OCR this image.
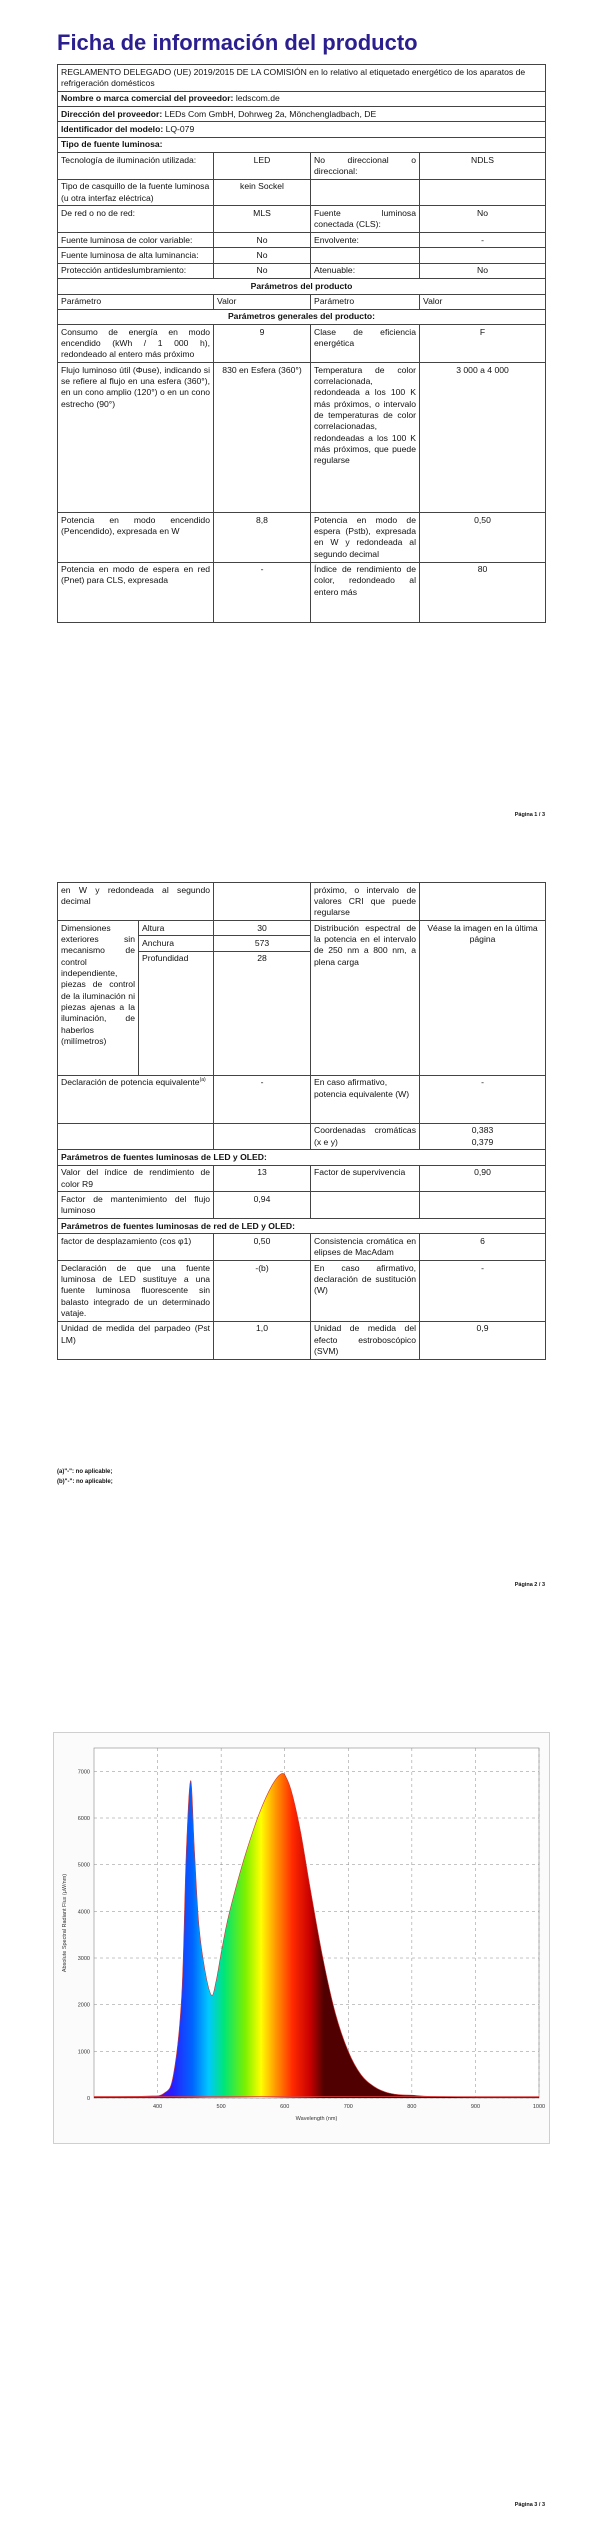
Ficha de información del producto
REGLAMENTO DELEGADO (UE) 2019/2015 DE LA COMISIÓN en lo relativo al etiquetado energético de los aparatos de refrigeración domésticos			
Nombre o marca comercial del proveedor: ledscom.de			
Dirección del proveedor: LEDs Com GmbH, Dohrweg 2a, Mönchengladbach, DE			
Identificador del modelo: LQ-079			
Tipo de fuente luminosa:			
Tecnología de iluminación utilizada:	LED	No direccional o direccional:	NDLS
Tipo de casquillo de la fuente luminosa
(u otra interfaz eléctrica)	kein Sockel		
De red o no de red:	MLS	Fuente luminosa conectada (CLS):	No
Fuente luminosa de color variable:	No	Envolvente:	-
Fuente luminosa de alta luminancia:	No		
Protección antideslumbramiento:	No	Atenuable:	No
Parámetros del producto			
Parámetro	Valor	Parámetro	Valor
Parámetros generales del producto:			
Consumo de energía en modo encendido (kWh / 1 000 h), redondeado al entero más próximo	9	Clase de eficiencia energética	F
Flujo luminoso útil (Φuse), indicando si se refiere al flujo en una esfera (360°), en un cono amplio (120°) o en un cono estrecho (90°)	830 en Esfera (360°)	Temperatura de color correlacionada, redondeada a los 100 K más próximos, o intervalo de temperaturas de color correlacionadas, redondeadas a los 100 K más próximos, que puede regularse	3 000 a 4 000
Potencia en modo encendido (Pencendido), expresada en W	8,8	Potencia en modo de espera (Pstb), expresada en W y redondeada al segundo decimal	0,50
Potencia en modo de espera en red (Pnet) para CLS, expresada	-	Índice de rendimiento de color, redondeado al entero más	80
Página 1 / 3
en W y redondeada al segundo decimal			próximo, o intervalo de valores CRI que puede regularse	
Dimensiones exteriores sin mecanismo de control independiente, piezas de control de la iluminación ni piezas ajenas a la iluminación, de haberlos (milímetros)	Altura	30	Distribución espectral de la potencia en el intervalo de 250 nm a 800 nm, a plena carga	Véase la imagen en la última página
	Anchura	573		
	Profundidad	28		
Declaración de potencia equivalente$^{(a)}$		-	En caso afirmativo, potencia equivalente (W)	-
			Coordenadas cromáticas (x e y)	0,383
0,379
Parámetros de fuentes luminosas de LED y OLED:				
Valor del índice de rendimiento de color R9		13	Factor de supervivencia	0,90
Factor de mantenimiento del flujo luminoso		0,94		
Parámetros de fuentes luminosas de red de LED y OLED:				
factor de desplazamiento (cos φ1)		0,50	Consistencia cromática en elipses de MacAdam	6
Declaración de que una fuente luminosa de LED sustituye a una fuente luminosa fluorescente sin balasto integrado de un determinado vataje.		-(b)	En caso afirmativo, declaración de sustitución (W)	-
Unidad de medida del parpadeo (Pst LM)		1,0	Unidad de medida del efecto estroboscópico (SVM)	0,9
(a)"-": no aplicable;
(b)"-": no aplicable;
Página 2 / 3
400	500	600	700	800	900	1000
0
1000
2000
3000
4000
5000
6000
7000
Absolute Spectral Radiant Flux (µW/nm)
Wavelength (nm)
Página 3 / 3
